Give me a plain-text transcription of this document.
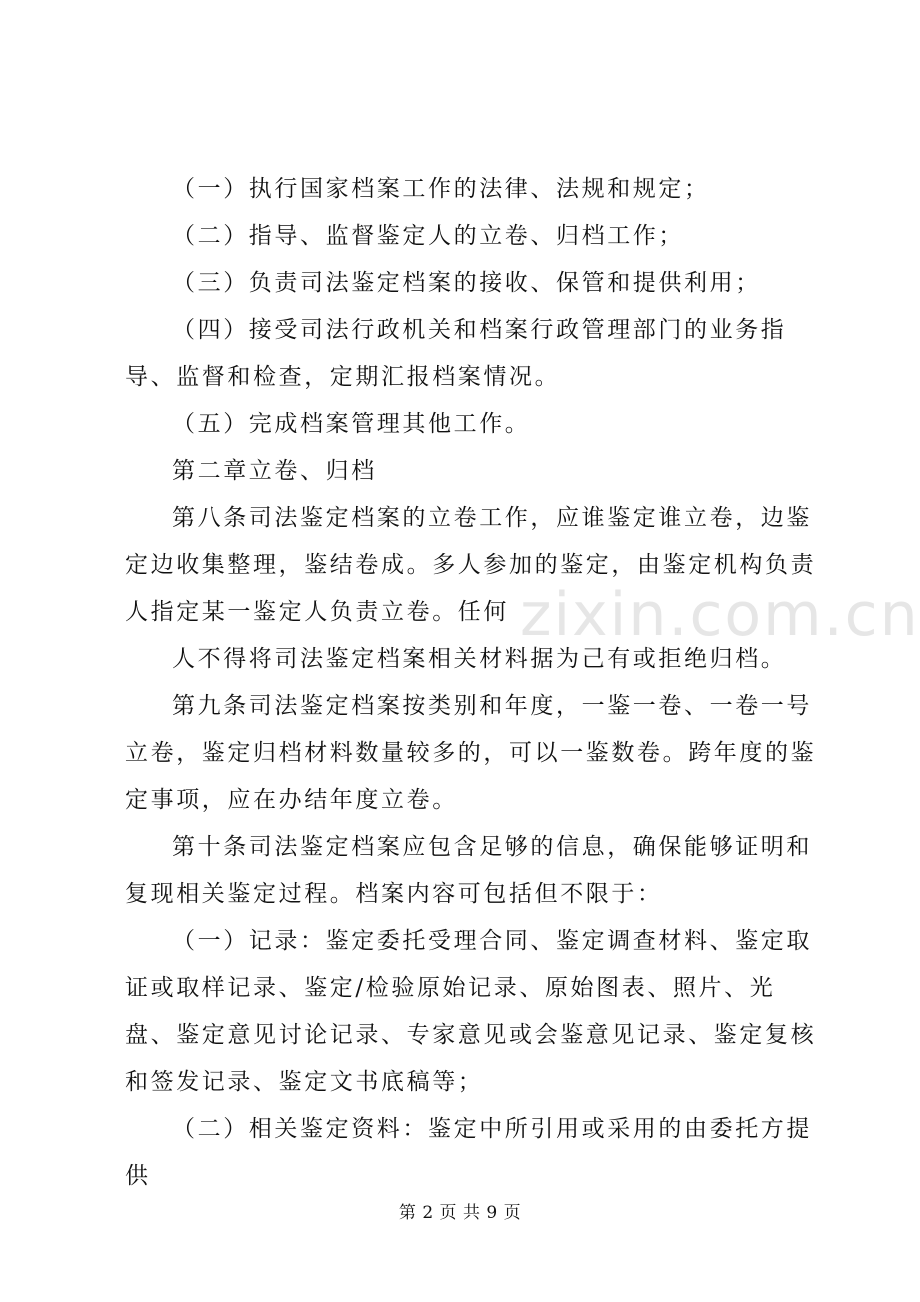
（一）执行国家档案工作的法律、法规和规定；

（二）指导、监督鉴定人的立卷、归档工作；

（三）负责司法鉴定档案的接收、保管和提供利用；

（四）接受司法行政机关和档案行政管理部门的业务指导、监督和检查，定期汇报档案情况。

（五）完成档案管理其他工作。

第二章立卷、归档

第八条司法鉴定档案的立卷工作，应谁鉴定谁立卷，边鉴定边收集整理，鉴结卷成。多人参加的鉴定，由鉴定机构负责人指定某一鉴定人负责立卷。任何

人不得将司法鉴定档案相关材料据为己有或拒绝归档。

第九条司法鉴定档案按类别和年度，一鉴一卷、一卷一号立卷，鉴定归档材料数量较多的，可以一鉴数卷。跨年度的鉴定事项，应在办结年度立卷。

第十条司法鉴定档案应包含足够的信息，确保能够证明和复现相关鉴定过程。档案内容可包括但不限于：

（一）记录：鉴定委托受理合同、鉴定调查材料、鉴定取证或取样记录、鉴定/检验原始记录、原始图表、照片、光盘、鉴定意见讨论记录、专家意见或会鉴意见记录、鉴定复核和签发记录、鉴定文书底稿等；

（二）相关鉴定资料：鉴定中所引用或采用的由委托方提供

zixin.com.cn
第 2 页 共 9 页
